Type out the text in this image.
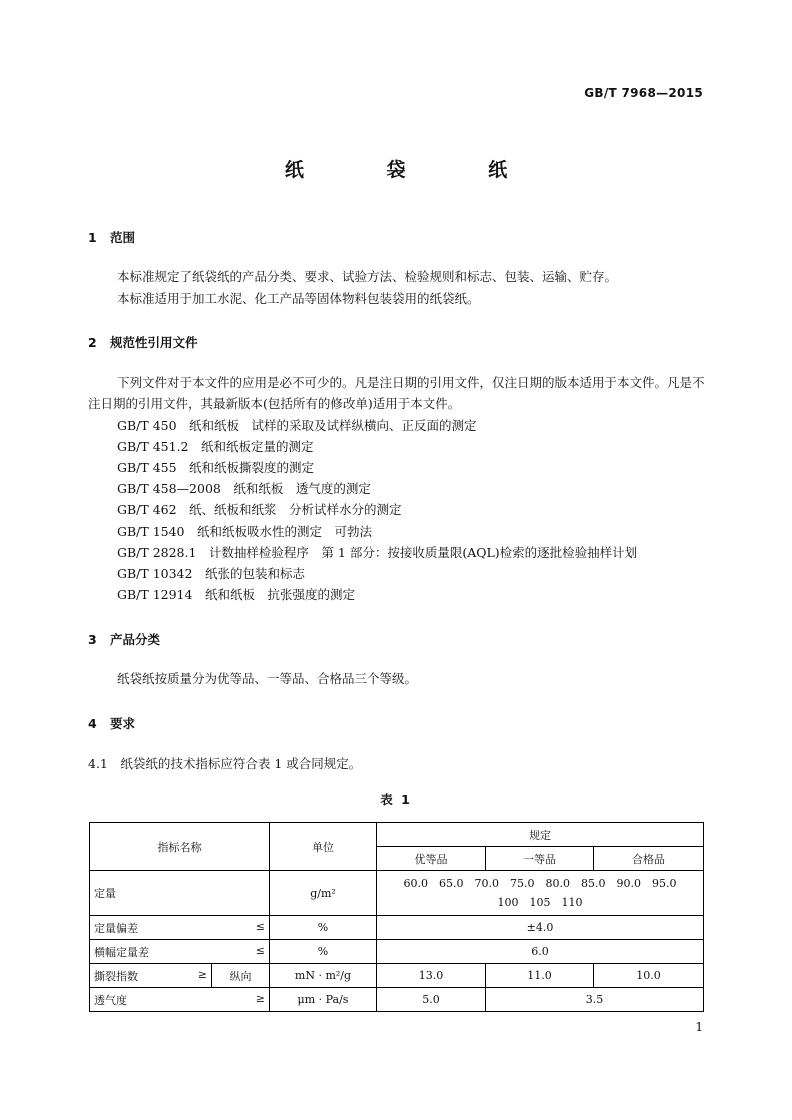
GB/T 7968—2015
纸 袋 纸
1 范围
本标准规定了纸袋纸的产品分类、要求、试验方法、检验规则和标志、包装、运输、贮存。
本标准适用于加工水泥、化工产品等固体物料包装袋用的纸袋纸。
2 规范性引用文件
下列文件对于本文件的应用是必不可少的。凡是注日期的引用文件，仅注日期的版本适用于本文件。凡是不注日期的引用文件，其最新版本(包括所有的修改单)适用于本文件。
GB/T 450　纸和纸板　试样的采取及试样纵横向、正反面的测定
GB/T 451.2　纸和纸板定量的测定
GB/T 455　纸和纸板撕裂度的测定
GB/T 458—2008　纸和纸板　透气度的测定
GB/T 462　纸、纸板和纸浆　分析试样水分的测定
GB/T 1540　纸和纸板吸水性的测定　可勃法
GB/T 2828.1　计数抽样检验程序　第 1 部分：按接收质量限(AQL)检索的逐批检验抽样计划
GB/T 10342　纸张的包装和标志
GB/T 12914　纸和纸板　抗张强度的测定
3 产品分类
纸袋纸按质量分为优等品、一等品、合格品三个等级。
4 要求
4.1　纸袋纸的技术指标应符合表 1 或合同规定。
表 1
指标名称		单位	规定		
			优等品	一等品	合格品
定量		g/m²	60.0　65.0　70.0　75.0　80.0　85.0　90.0　95.0
100　105　110		

定量偏差 ≤		%	±4.0		
横幅定量差 ≤		%	6.0		
撕裂指数 ≥	纵向	mN · m²/g	13.0	11.0	10.0
透气度 ≥		μm · Pa/s	5.0	3.5	
1
